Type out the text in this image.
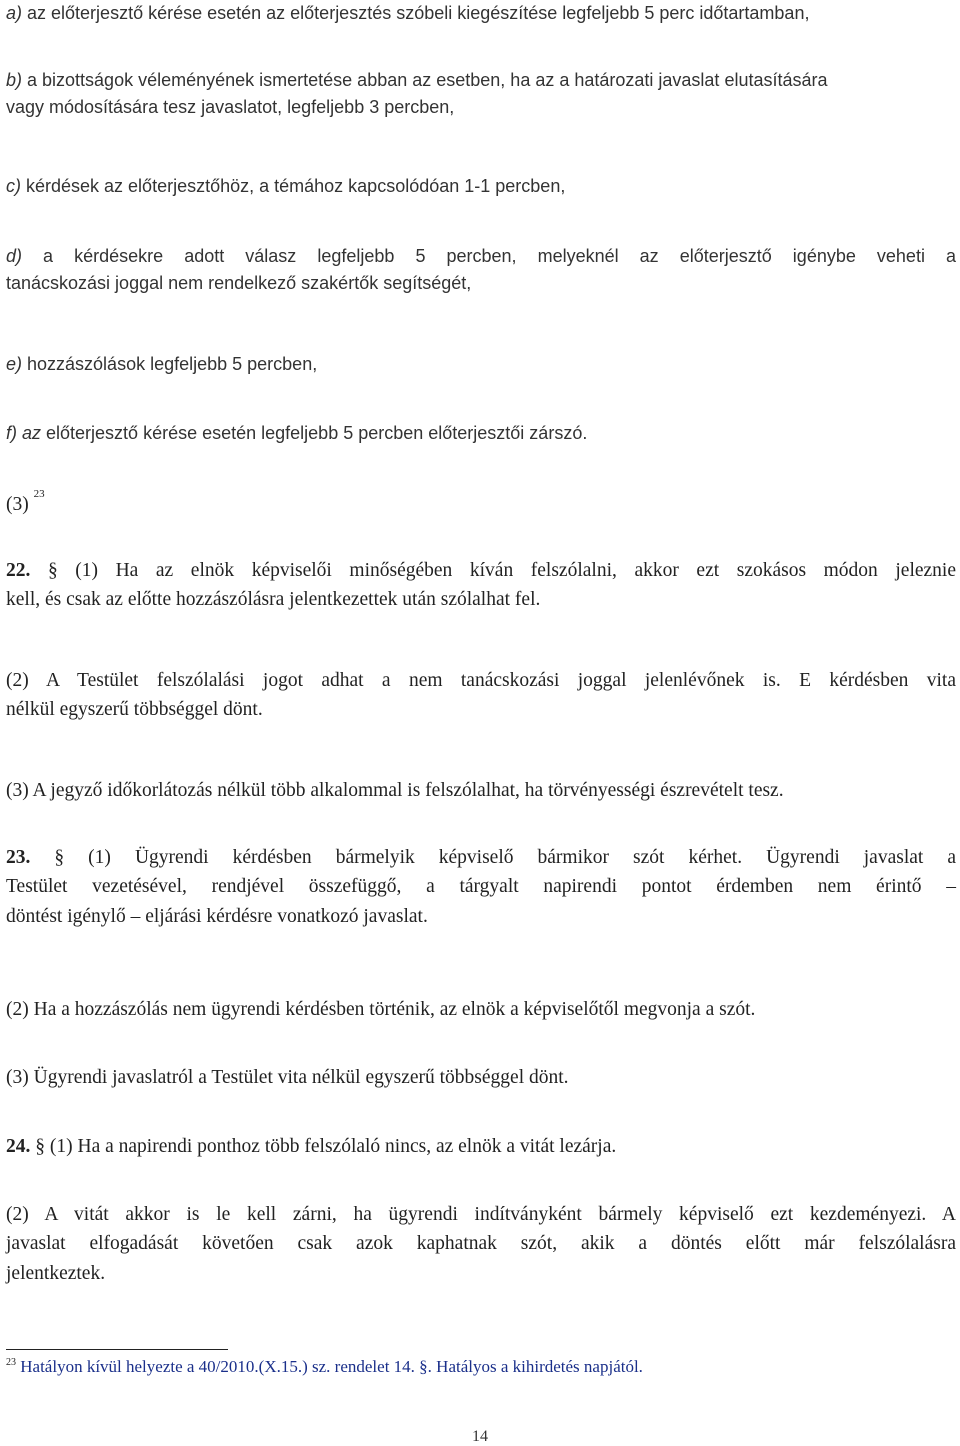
a) az előterjesztő kérése esetén az előterjesztés szóbeli kiegészítése legfeljebb 5 perc időtartamban,

b) a bizottságok véleményének ismertetése abban az esetben, ha az a határozati javaslat elutasítására
vagy módosítására tesz javaslatot, legfeljebb 3 percben,

c) kérdések az előterjesztőhöz, a témához kapcsolódóan 1-1 percben,

d) a kérdésekre adott válasz legfeljebb 5 percben, melyeknél az előterjesztő igénybe veheti a
tanácskozási joggal nem rendelkező szakértők segítségét,

e) hozzászólások legfeljebb 5 percben,

f) az előterjesztő kérése esetén legfeljebb 5 percben előterjesztői zárszó.

(3) $^{23}$

22. § (1) Ha az elnök képviselői minőségében kíván felszólalni, akkor ezt szokásos módon jeleznie
kell, és csak az előtte hozzászólásra jelentkezettek után szólalhat fel.

(2) A Testület felszólalási jogot adhat a nem tanácskozási joggal jelenlévőnek is. E kérdésben vita
nélkül egyszerű többséggel dönt.

(3) A jegyző időkorlátozás nélkül több alkalommal is felszólalhat, ha törvényességi észrevételt tesz.

23. § (1) Ügyrendi kérdésben bármelyik képviselő bármikor szót kérhet. Ügyrendi javaslat a
Testület vezetésével, rendjével összefüggő, a tárgyalt napirendi pontot érdemben nem érintő –
döntést igénylő – eljárási kérdésre vonatkozó javaslat.

(2) Ha a hozzászólás nem ügyrendi kérdésben történik, az elnök a képviselőtől megvonja a szót.

(3) Ügyrendi javaslatról a Testület vita nélkül egyszerű többséggel dönt.

24. § (1) Ha a napirendi ponthoz több felszólaló nincs, az elnök a vitát lezárja.

(2) A vitát akkor is le kell zárni, ha ügyrendi indítványként bármely képviselő ezt kezdeményezi. A
javaslat elfogadását követően csak azok kaphatnak szót, akik a döntés előtt már felszólalásra
jelentkeztek.

$^{23}$ Hatályon kívül helyezte a 40/2010.(X.15.) sz. rendelet 14. §. Hatályos a kihirdetés napjától.
14
